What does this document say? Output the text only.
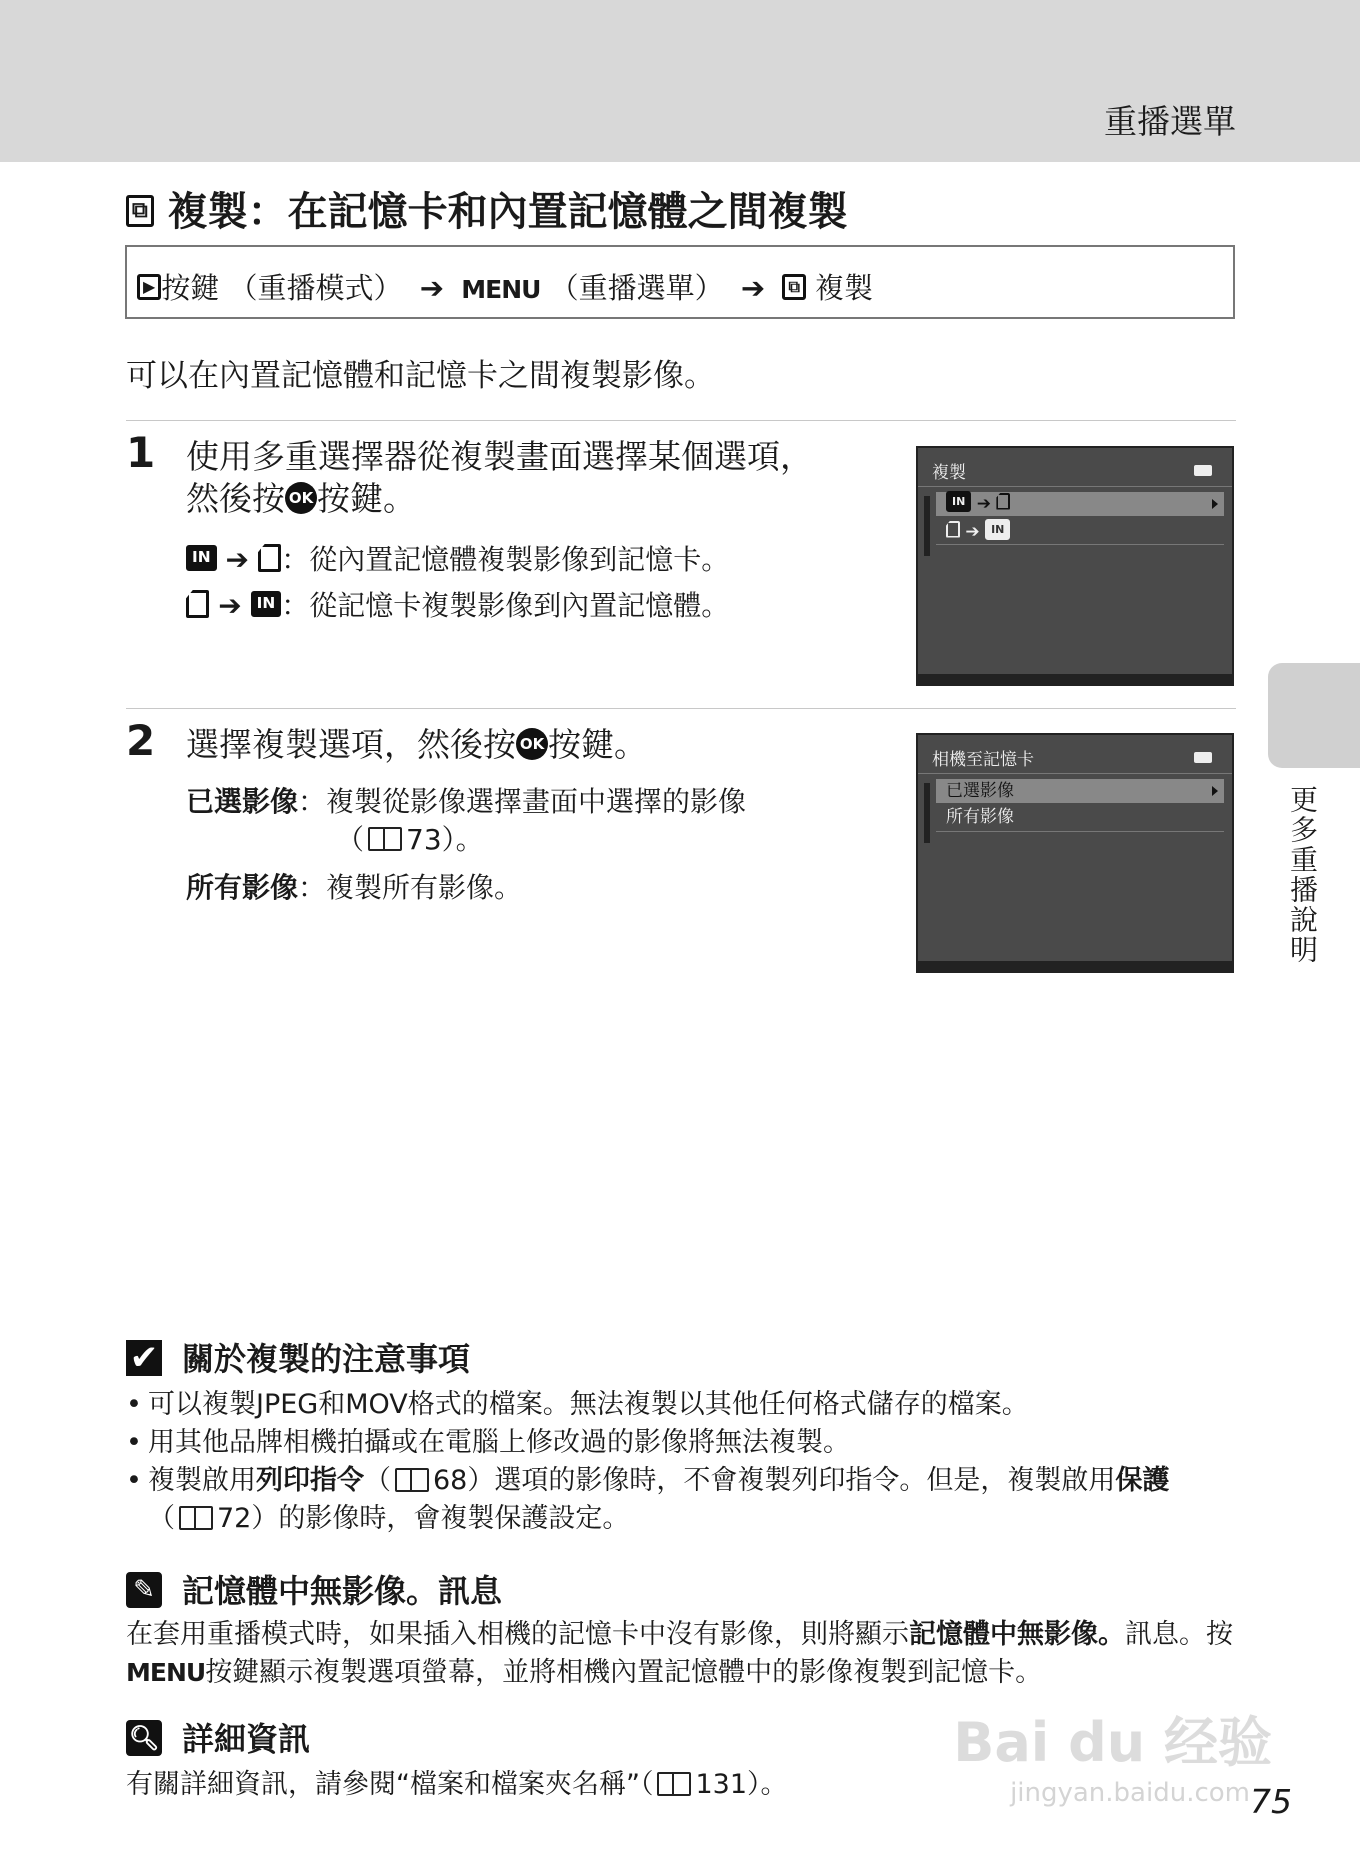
重播選單
⧉ 複製：在記憶卡和內置記憶體之間複製
▶ 按鍵 （重播模式） ➔ MENU （重播選單） ➔ ⧉ 複製
可以在內置記憶體和記憶卡之間複製影像。
1 使用多重選擇器從複製畫面選擇某個選項，
然後按 OK 按鍵。
IN ➔ ：從內置記憶體複製影像到記憶卡。
➔ IN ：從記憶卡複製影像到內置記憶體。
複製
IN ➔
➔ IN
2 選擇複製選項，然後按 OK 按鍵。
已選影像：複製從影像選擇畫面中選擇的影像
（ 73）。
所有影像：複製所有影像。
相機至記憶卡
已選影像
所有影像	更多重播說明
✔ 關於複製的注意事項
• 可以複製JPEG和MOV格式的檔案。無法複製以其他任何格式儲存的檔案。
• 用其他品牌相機拍攝或在電腦上修改過的影像將無法複製。
• 複製啟用列印指令（ 68）選項的影像時，不會複製列印指令。但是，複製啟用保護
（ 72）的影像時，會複製保護設定。
✎ 記憶體中無影像。訊息
在套用重播模式時，如果插入相機的記憶卡中沒有影像，則將顯示記憶體中無影像。訊息。按MENU按鍵顯示複製選項螢幕，並將相機內置記憶體中的影像複製到記憶卡。
🔍︎ 詳細資訊
有關詳細資訊，請參閱“檔案和檔案夾名稱”（ 131）。
Bai du 经验
jingyan.baidu.com 75
